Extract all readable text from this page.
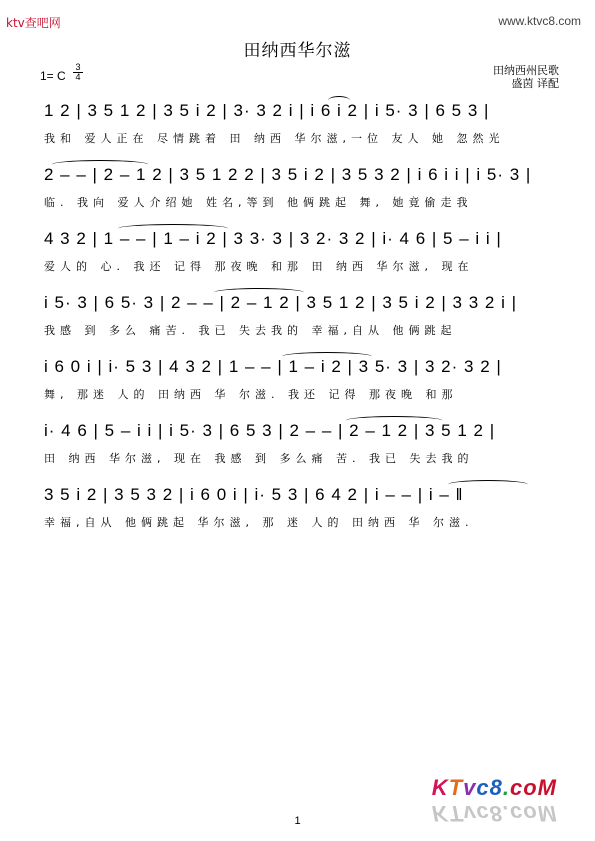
ktv查吧网	www.ktvc8.com
田纳西华尔滋
1= C
3
4	田纳西州民歌
盛茵 译配
1 2 | 3 5 1 2 | 3 5 i 2 | 3· 3 2 i | i 6 i 2 | i 5· 3 | 6 5 3 |
我和 爱人正在 尽情跳着 田 纳西 华尔滋,一位 友人 她 忽然光
2 – – | 2 – 1 2 | 3 5 1 2 2 | 3 5 i 2 | 3 5 3 2 | i 6 i i | i 5· 3 |
临. 我向 爱人介绍她 姓名,等到 他俩跳起 舞, 她竟偷走我
4 3 2 | 1 – – | 1 – i 2 | 3 3· 3 | 3 2· 3 2 | i· 4 6 | 5 – i i |
爱人的 心. 我还 记得 那夜晚 和那 田 纳西 华尔滋, 现在
i 5· 3 | 6 5· 3 | 2 – – | 2 – 1 2 | 3 5 1 2 | 3 5 i 2 | 3 3 2 i |
我感 到 多么 痛苦. 我已 失去我的 幸福,自从 他俩跳起
i 6 0 i | i· 5 3 | 4 3 2 | 1 – – | 1 – i 2 | 3 5· 3 | 3 2· 3 2 |
舞, 那迷 人的 田纳西 华 尔滋. 我还 记得 那夜晚 和那
i· 4 6 | 5 – i i | i 5· 3 | 6 5 3 | 2 – – | 2 – 1 2 | 3 5 1 2 |
田 纳西 华尔滋, 现在 我感 到 多么痛 苦. 我已 失去我的
3 5 i 2 | 3 5 3 2 | i 6 0 i | i· 5 3 | 6 4 2 | i – – | i – ‖
幸福,自从 他俩跳起 华尔滋, 那 迷 人的 田纳西 华 尔滋.
KTvc8.coM
KTvc8.coM
1
